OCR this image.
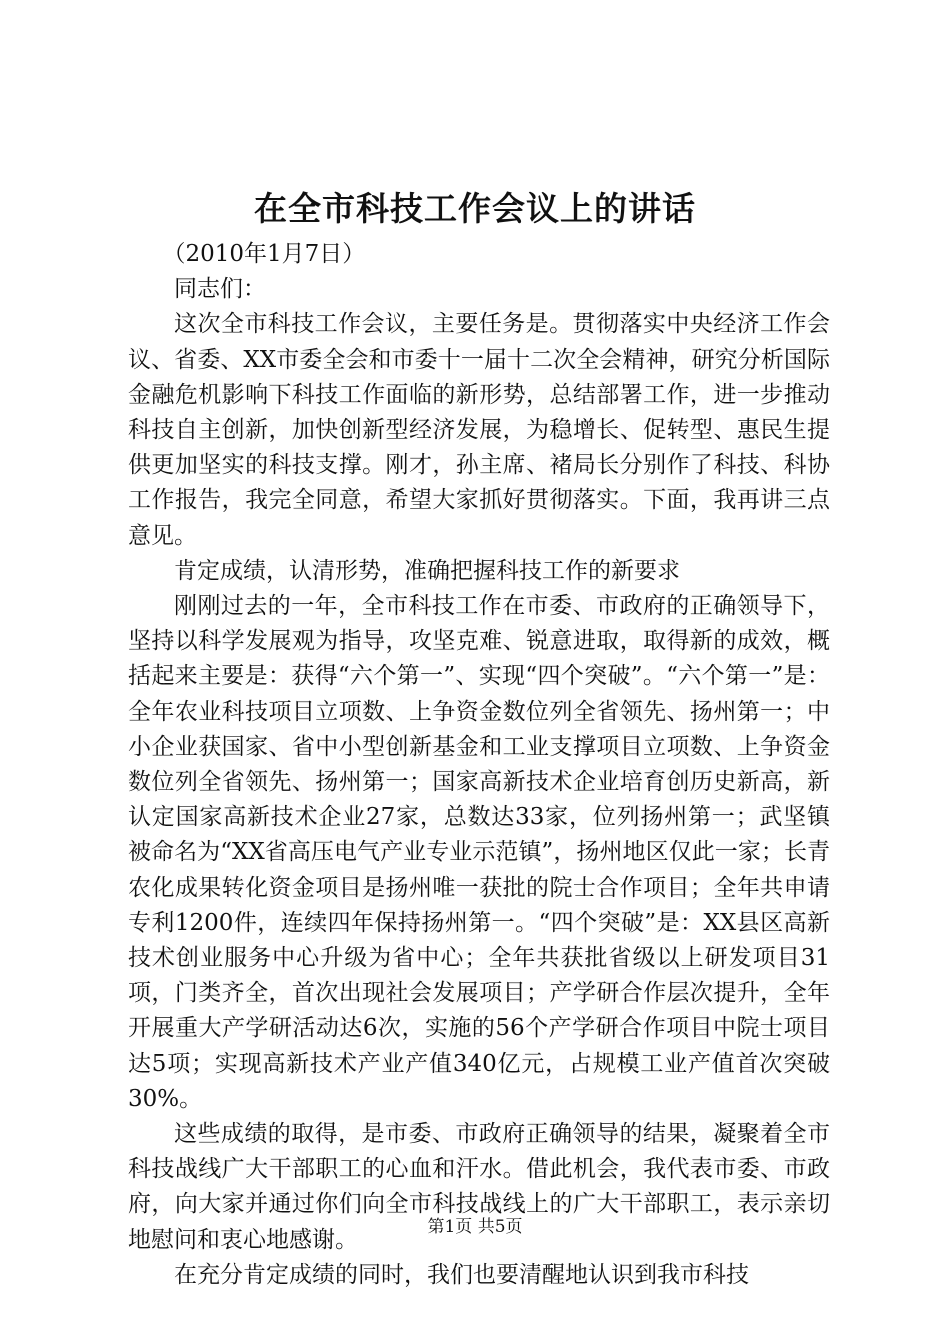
在全市科技工作会议上的讲话

（2010年1月7日）

同志们：

这次全市科技工作会议，主要任务是。贯彻落实中央经济工作会议、省委、XX市委全会和市委十一届十二次全会精神，研究分析国际金融危机影响下科技工作面临的新形势，总结部署工作，进一步推动科技自主创新，加快创新型经济发展，为稳增长、促转型、惠民生提供更加坚实的科技支撑。刚才，孙主席、褚局长分别作了科技、科协工作报告，我完全同意，希望大家抓好贯彻落实。下面，我再讲三点意见。

肯定成绩，认清形势，准确把握科技工作的新要求

刚刚过去的一年，全市科技工作在市委、市政府的正确领导下，坚持以科学发展观为指导，攻坚克难、锐意进取，取得新的成效，概括起来主要是：获得“六个第一”、实现“四个突破”。“六个第一”是：全年农业科技项目立项数、上争资金数位列全省领先、扬州第一；中小企业获国家、省中小型创新基金和工业支撑项目立项数、上争资金数位列全省领先、扬州第一；国家高新技术企业培育创历史新高，新认定国家高新技术企业27家，总数达33家，位列扬州第一；武坚镇被命名为“XX省高压电气产业专业示范镇”，扬州地区仅此一家；长青农化成果转化资金项目是扬州唯一获批的院士合作项目；全年共申请专利1200件，连续四年保持扬州第一。“四个突破”是：XX县区高新技术创业服务中心升级为省中心；全年共获批省级以上研发项目31项，门类齐全，首次出现社会发展项目；产学研合作层次提升，全年开展重大产学研活动达6次，实施的56个产学研合作项目中院士项目达5项；实现高新技术产业产值340亿元，占规模工业产值首次突破30%。

这些成绩的取得，是市委、市政府正确领导的结果，凝聚着全市科技战线广大干部职工的心血和汗水。借此机会，我代表市委、市政府，向大家并通过你们向全市科技战线上的广大干部职工，表示亲切地慰问和衷心地感谢。

在充分肯定成绩的同时，我们也要清醒地认识到我市科技

第1页 共5页
